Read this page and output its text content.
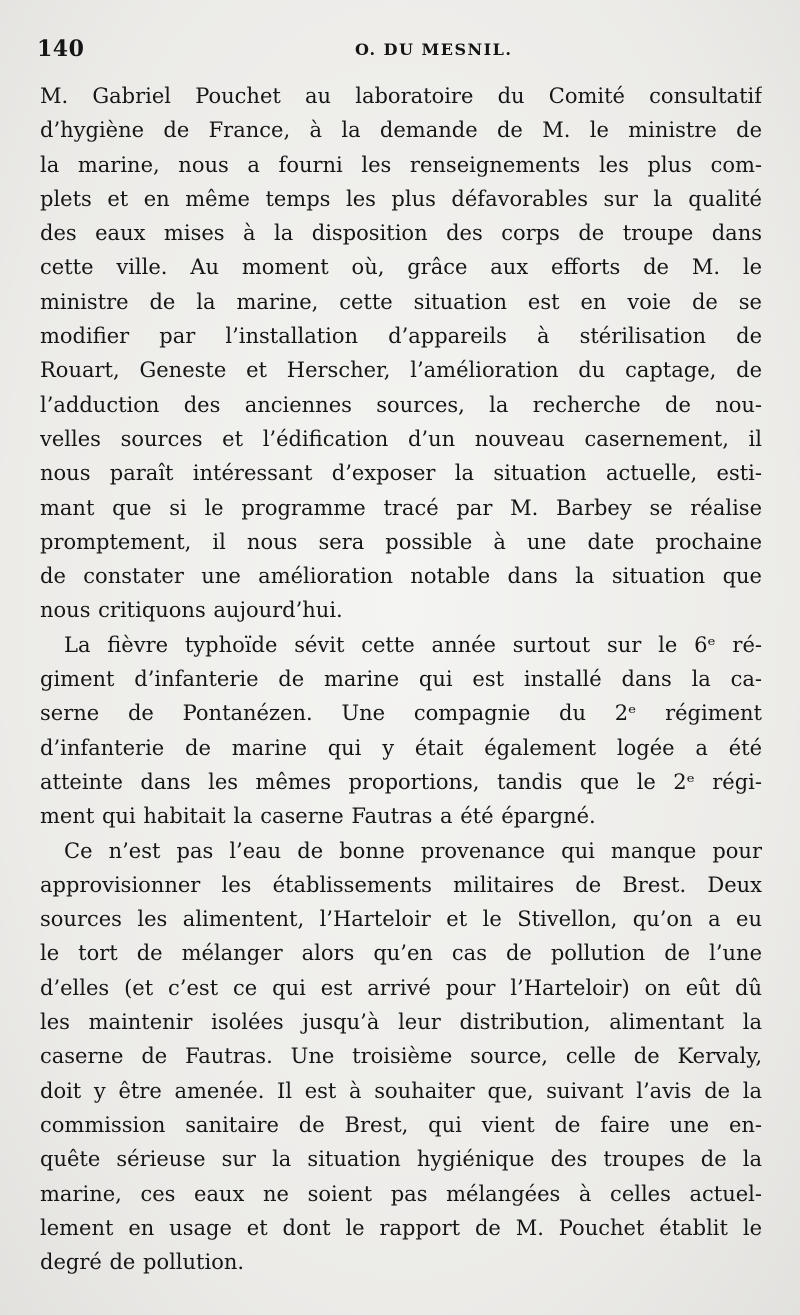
140	O. DU MESNIL.
M. Gabriel Pouchet au laboratoire du Comité consultatif
d’hygiène de France, à la demande de M. le ministre de
la marine, nous a fourni les renseignements les plus com-
plets et en même temps les plus défavorables sur la qualité
des eaux mises à la disposition des corps de troupe dans
cette ville. Au moment où, grâce aux efforts de M. le
ministre de la marine, cette situation est en voie de se
modifier par l’installation d’appareils à stérilisation de
Rouart, Geneste et Herscher, l’amélioration du captage, de
l’adduction des anciennes sources, la recherche de nou-
velles sources et l’édification d’un nouveau casernement, il
nous paraît intéressant d’exposer la situation actuelle, esti-
mant que si le programme tracé par M. Barbey se réalise
promptement, il nous sera possible à une date prochaine
de constater une amélioration notable dans la situation que
nous critiquons aujourd’hui.
La fièvre typhoïde sévit cette année surtout sur le 6ᵉ ré-
giment d’infanterie de marine qui est installé dans la ca-
serne de Pontanézen. Une compagnie du 2ᵉ régiment
d’infanterie de marine qui y était également logée a été
atteinte dans les mêmes proportions, tandis que le 2ᵉ régi-
ment qui habitait la caserne Fautras a été épargné.
Ce n’est pas l’eau de bonne provenance qui manque pour
approvisionner les établissements militaires de Brest. Deux
sources les alimentent, l’Harteloir et le Stivellon, qu’on a eu
le tort de mélanger alors qu’en cas de pollution de l’une
d’elles (et c’est ce qui est arrivé pour l’Harteloir) on eût dû
les maintenir isolées jusqu’à leur distribution, alimentant la
caserne de Fautras. Une troisième source, celle de Kervaly,
doit y être amenée. Il est à souhaiter que, suivant l’avis de la
commission sanitaire de Brest, qui vient de faire une en-
quête sérieuse sur la situation hygiénique des troupes de la
marine, ces eaux ne soient pas mélangées à celles actuel-
lement en usage et dont le rapport de M. Pouchet établit le
degré de pollution.
